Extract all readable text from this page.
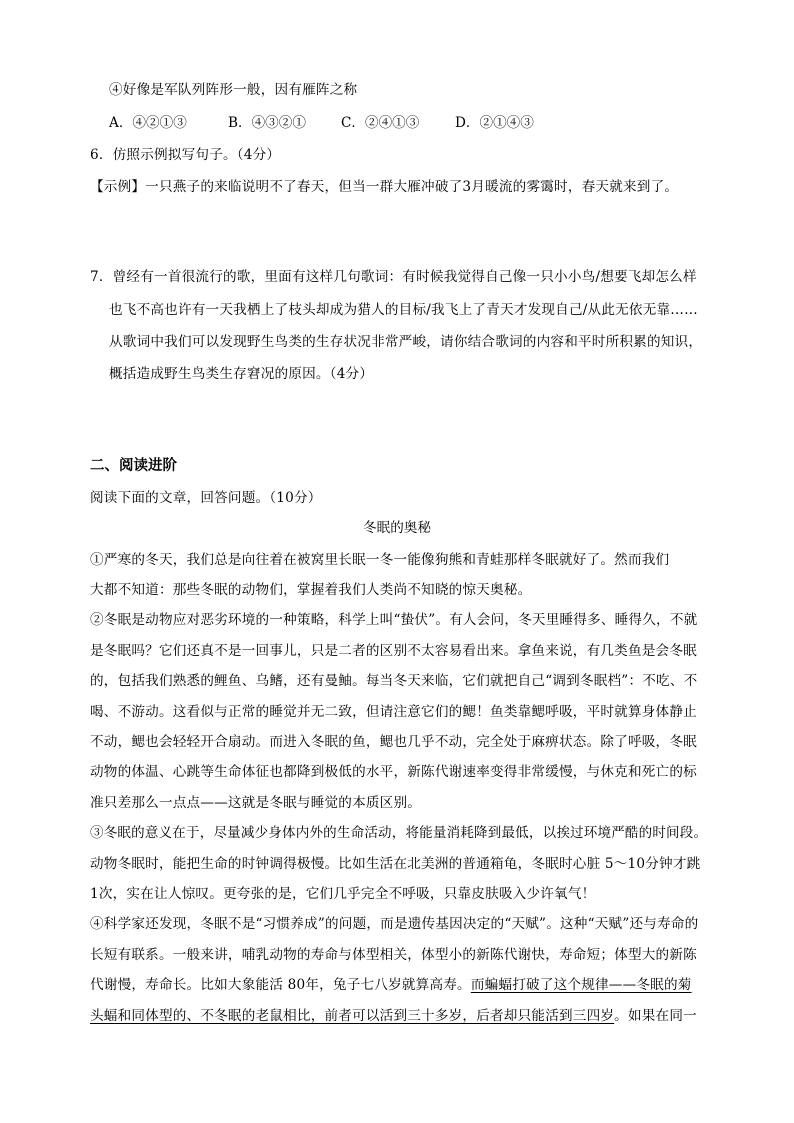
④好像是军队列阵形一般，因有雁阵之称
A．④②①③	B．④③②①	C．②④①③	D．②①④③
6．仿照示例拟写句子。（4分）
【示例】一只燕子的来临说明不了春天，但当一群大雁冲破了3月暖流的雾霭时，春天就来到了。
7．曾经有一首很流行的歌，里面有这样几句歌词：有时候我觉得自己像一只小小鸟/想要飞却怎么样
也飞不高也许有一天我栖上了枝头却成为猎人的目标/我飞上了青天才发现自己/从此无依无靠……
从歌词中我们可以发现野生鸟类的生存状况非常严峻，请你结合歌词的内容和平时所积累的知识，
概括造成野生鸟类生存窘况的原因。（4分）
二、阅读进阶
阅读下面的文章，回答问题。（10分）
冬眠的奥秘
①严寒的冬天，我们总是向往着在被窝里长眠一冬一能像狗熊和青蛙那样冬眠就好了。然而我们
大都不知道：那些冬眠的动物们，掌握着我们人类尚不知晓的惊天奥秘。
②冬眠是动物应对恶劣环境的一种策略，科学上叫“蛰伏”。有人会问，冬天里睡得多、睡得久，不就
是冬眠吗？它们还真不是一回事儿，只是二者的区别不太容易看出来。拿鱼来说，有几类鱼是会冬眠
的，包括我们熟悉的鲤鱼、乌鳍，还有曼鲉。每当冬天来临，它们就把自己“调到冬眠档”：不吃、不
喝、不游动。这看似与正常的睡觉并无二致，但请注意它们的鳃！鱼类靠鳃呼吸，平时就算身体静止
不动，鳃也会轻轻开合扇动。而进入冬眠的鱼，鳃也几乎不动，完全处于麻痹状态。除了呼吸，冬眠
动物的体温、心跳等生命体征也都降到极低的水平，新陈代谢速率变得非常缓慢，与休克和死亡的标
准只差那么一点点——这就是冬眠与睡觉的本质区别。
③冬眠的意义在于，尽量减少身体内外的生命活动，将能量消耗降到最低，以挨过环境严酷的时间段。
动物冬眠时，能把生命的时钟调得极慢。比如生活在北美洲的普通箱龟，冬眠时心脏 5～10分钟才跳
1次，实在让人惊叹。更夸张的是，它们几乎完全不呼吸，只靠皮肤吸入少许氧气！
④科学家还发现，冬眠不是“习惯养成”的问题，而是遗传基因决定的“天赋”。这种“天赋”还与寿命的
长短有联系。一般来讲，哺乳动物的寿命与体型相关，体型小的新陈代谢快，寿命短；体型大的新陈
代谢慢，寿命长。比如大象能活 80年，兔子七八岁就算高寿。而蝙蝠打破了这个规律——冬眠的菊
头蝠和同体型的、不冬眠的老鼠相比，前者可以活到三十多岁，后者却只能活到三四岁。如果在同一
